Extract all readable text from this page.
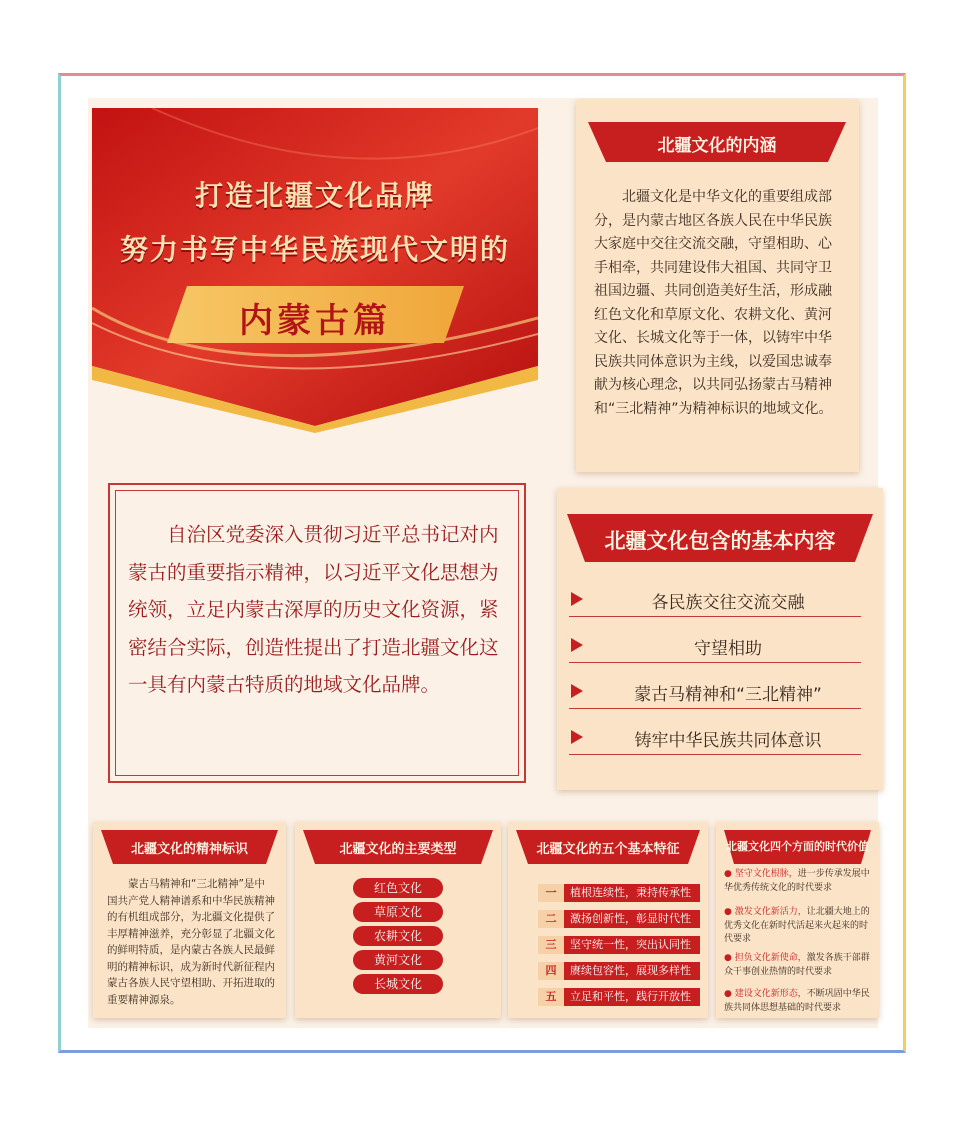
打造北疆文化品牌
努力书写中华民族现代文明的
内蒙古篇
北疆文化的内涵
北疆文化是中华文化的重要组成部分，是内蒙古地区各族人民在中华民族大家庭中交往交流交融，守望相助、心手相牵，共同建设伟大祖国、共同守卫祖国边疆、共同创造美好生活，形成融红色文化和草原文化、农耕文化、黄河文化、长城文化等于一体，以铸牢中华民族共同体意识为主线，以爱国忠诚奉献为核心理念，以共同弘扬蒙古马精神和“三北精神”为精神标识的地域文化。
自治区党委深入贯彻习近平总书记对内蒙古的重要指示精神，以习近平文化思想为统领，立足内蒙古深厚的历史文化资源，紧密结合实际，创造性提出了打造北疆文化这一具有内蒙古特质的地域文化品牌。
北疆文化包含的基本内容
各民族交往交流交融
守望相助
蒙古马精神和“三北精神”
铸牢中华民族共同体意识
北疆文化的精神标识
蒙古马精神和“三北精神”是中国共产党人精神谱系和中华民族精神的有机组成部分，为北疆文化提供了丰厚精神滋养，充分彰显了北疆文化的鲜明特质，是内蒙古各族人民最鲜明的精神标识，成为新时代新征程内蒙古各族人民守望相助、开拓进取的重要精神源泉。
北疆文化的主要类型
红色文化
草原文化
农耕文化
黄河文化
长城文化
北疆文化的五个基本特征
一	植根连续性，秉持传承性
二	激扬创新性，彰显时代性
三	坚守统一性，突出认同性
四	赓续包容性，展现多样性
五	立足和平性，践行开放性
北疆文化四个方面的时代价值
● 坚守文化根脉，进一步传承发展中华优秀传统文化的时代要求
● 激发文化新活力，让北疆大地上的优秀文化在新时代活起来火起来的时代要求
● 担负文化新使命，激发各族干部群众干事创业热情的时代要求
● 建设文化新形态，不断巩固中华民族共同体思想基础的时代要求
